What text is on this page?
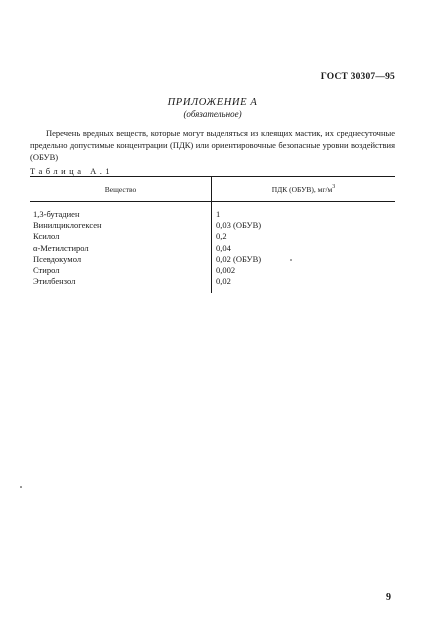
ГОСТ 30307—95
ПРИЛОЖЕНИЕ А
(обязательное)

Перечень вредных веществ, которые могут выделяться из клеящих мастик, их среднесуточные предельно допустимые концентрации (ПДК) или ориентировочные безопасные уровни воздействия (ОБУВ)

Таблица А.1
Вещество	ПДК (ОБУВ), $мг/м^3$

1,3-бутадиен	1
Винилциклогексен	0,03 (ОБУВ)
Ксилол	0,2
α-Метилстирол	0,04
Псевдокумол	0,02 (ОБУВ)
Стирол	0,002
Этилбензол	0,02

9
